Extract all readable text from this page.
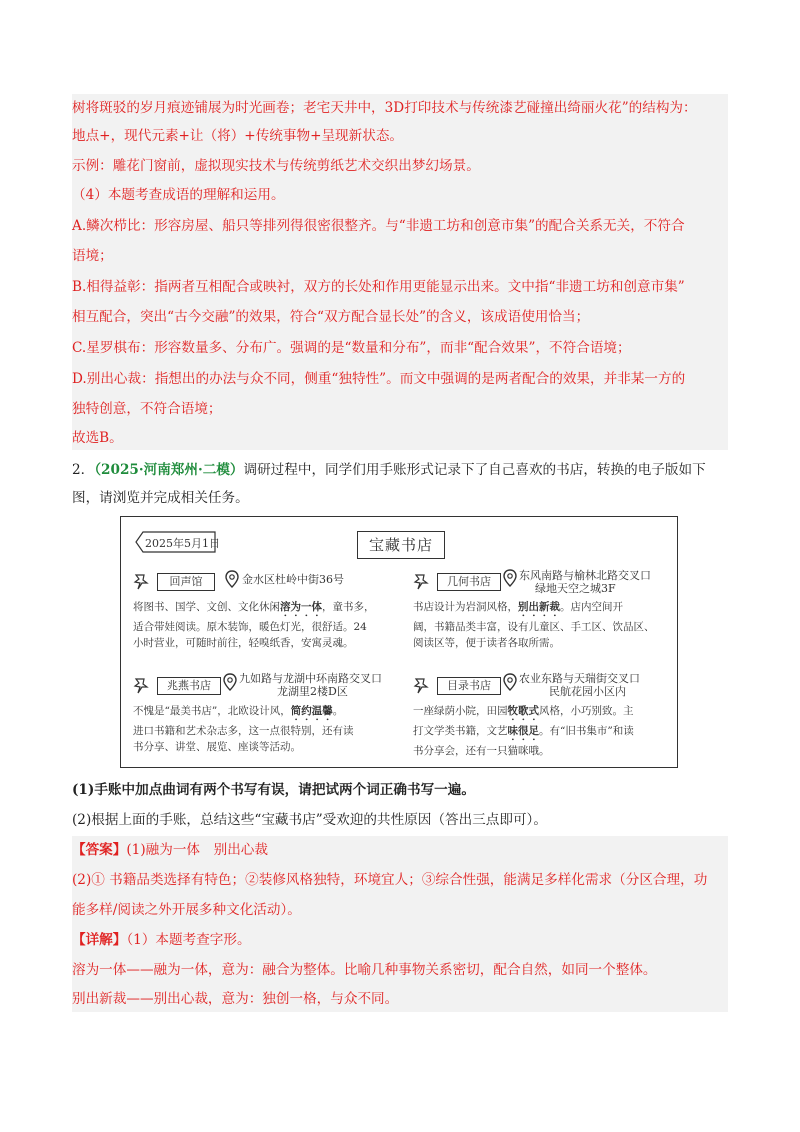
树将斑驳的岁月痕迹铺展为时光画卷；老宅天井中，3D打印技术与传统漆艺碰撞出绮丽火花”的结构为：
地点+，现代元素+让（将）+传统事物+呈现新状态。
示例：雕花门窗前，虚拟现实技术与传统剪纸艺术交织出梦幻场景。
（4）本题考查成语的理解和运用。
A.鳞次栉比：形容房屋、船只等排列得很密很整齐。与“非遗工坊和创意市集”的配合关系无关，不符合
语境；
B.相得益彰：指两者互相配合或映衬，双方的长处和作用更能显示出来。文中指“非遗工坊和创意市集”
相互配合，突出“古今交融”的效果，符合“双方配合显长处”的含义，该成语使用恰当；
C.星罗棋布：形容数量多、分布广。强调的是“数量和分布”，而非“配合效果”，不符合语境；
D.别出心裁：指想出的办法与众不同，侧重“独特性”。而文中强调的是两者配合的效果，并非某一方的
独特创意，不符合语境；
故选B。
2．（2025·河南郑州·二模）调研过程中，同学们用手账形式记录下了自己喜欢的书店，转换的电子版如下
图，请浏览并完成相关任务。
2025年5月1日	宝藏书店
回声馆	金水区杜岭中街36号
将图书、国学、文创、文化休闲溶为一体，童书多，
适合带娃阅读。原木装饰，暖色灯光，很舒适。24
小时营业，可随时前往，轻嗅纸香，安寓灵魂。
几何书店	东风南路与榆林北路交叉口
绿地天空之城3F
书店设计为岩洞风格，别出新裁。店内空间开
阔，书籍品类丰富，设有儿童区、手工区、饮品区、
阅读区等，便于读者各取所需。
兆燕书店
九如路与龙湖中环南路交叉口
龙湖里2楼D区
不愧是“最美书店”，北欧设计风，简约温馨。
进口书籍和艺术杂志多，这一点很特别，还有读
书分享、讲堂、展览、座谈等活动。
目录书店
农业东路与天瑞街交叉口
民航花园小区内
一座绿荫小院，田园牧歌式风格，小巧别致。主
打文学类书籍，文艺味很足。有“旧书集市”和读
书分享会，还有一只猫咪哦。
(1)手账中加点曲词有两个书写有误，请把试两个词正确书写一遍。
(2)根据上面的手账，总结这些“宝藏书店”受欢迎的共性原因（答出三点即可）。
【答案】(1)融为一体　别出心裁
(2)① 书籍品类选择有特色；②装修风格独特，环境宜人；③综合性强，能满足多样化需求（分区合理，功
能多样/阅读之外开展多种文化活动）。
【详解】（1）本题考查字形。
溶为一体——融为一体，意为：融合为整体。比喻几种事物关系密切，配合自然，如同一个整体。
别出新裁——别出心裁，意为：独创一格，与众不同。
